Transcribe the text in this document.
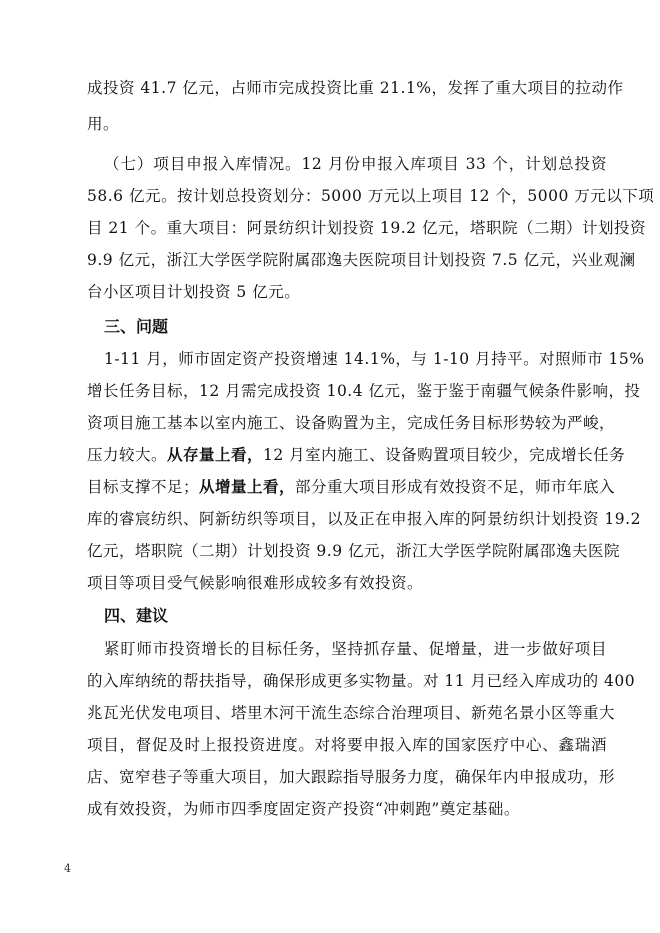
成投资 41.7 亿元，占师市完成投资比重 21.1%，发挥了重大项目的拉动作
用。
（七）项目申报入库情况。12 月份申报入库项目 33 个，计划总投资
58.6 亿元。按计划总投资划分：5000 万元以上项目 12 个，5000 万元以下项
目 21 个。重大项目：阿景纺织计划投资 19.2 亿元，塔职院（二期）计划投资
9.9 亿元，浙江大学医学院附属邵逸夫医院项目计划投资 7.5 亿元，兴业观澜
台小区项目计划投资 5 亿元。
三、问题
1-11 月，师市固定资产投资增速 14.1%，与 1-10 月持平。对照师市 15%
增长任务目标，12 月需完成投资 10.4 亿元，鉴于鉴于南疆气候条件影响，投
资项目施工基本以室内施工、设备购置为主，完成任务目标形势较为严峻，
压力较大。从存量上看，12 月室内施工、设备购置项目较少，完成增长任务
目标支撑不足；从增量上看，部分重大项目形成有效投资不足，师市年底入
库的睿宸纺织、阿新纺织等项目，以及正在申报入库的阿景纺织计划投资 19.2
亿元，塔职院（二期）计划投资 9.9 亿元，浙江大学医学院附属邵逸夫医院
项目等项目受气候影响很难形成较多有效投资。
四、建议
紧盯师市投资增长的目标任务，坚持抓存量、促增量，进一步做好项目
的入库纳统的帮扶指导，确保形成更多实物量。对 11 月已经入库成功的 400
兆瓦光伏发电项目、塔里木河干流生态综合治理项目、新苑名景小区等重大
项目，督促及时上报投资进度。对将要申报入库的国家医疗中心、鑫瑞酒
店、宽窄巷子等重大项目，加大跟踪指导服务力度，确保年内申报成功，形
成有效投资，为师市四季度固定资产投资“冲刺跑”奠定基础。
4
